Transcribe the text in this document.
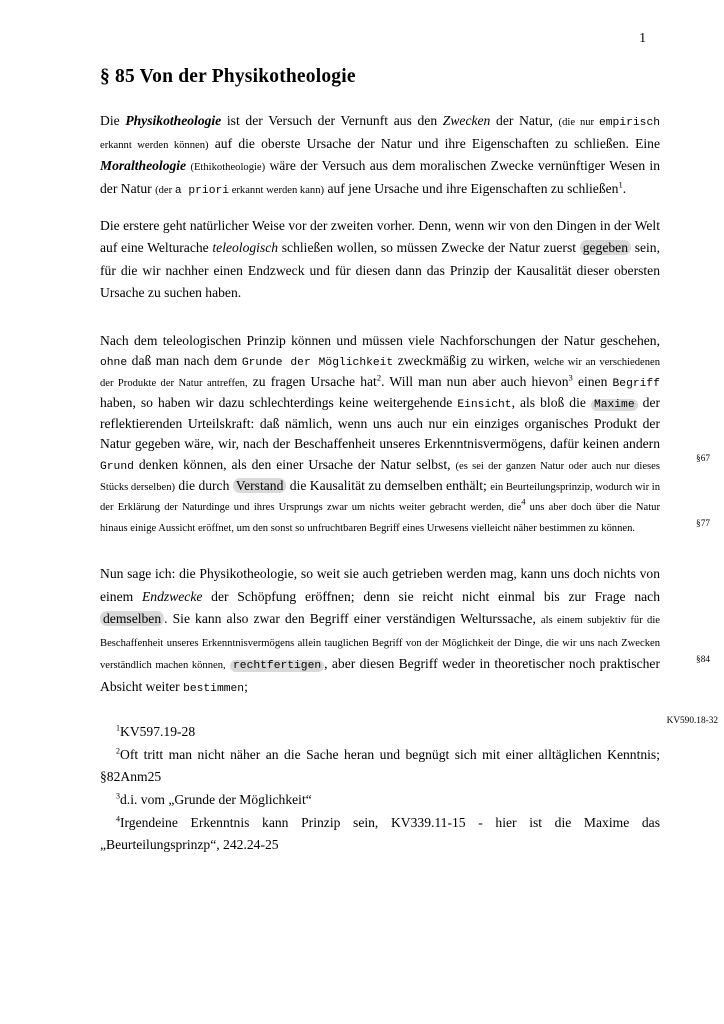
1
§ 85 Von der Physikotheologie

Die Physikotheologie ist der Versuch der Vernunft aus den Zwecken der Natur, (die nur empirisch erkannt werden können) auf die oberste Ursache der Natur und ihre Eigenschaften zu schließen. Eine Moraltheologie (Ethikotheologie) wäre der Versuch aus dem moralischen Zwecke vernünftiger Wesen in der Natur (der a priori erkannt werden kann) auf jene Ursache und ihre Eigenschaften zu schließen$^1$.

Die erstere geht natürlicher Weise vor der zweiten vorher. Denn, wenn wir von den Dingen in der Welt auf eine Welturache teleologisch schließen wollen, so müssen Zwecke der Natur zuerst gegeben sein, für die wir nachher einen Endzweck und für diesen dann das Prinzip der Kausalität dieser obersten Ursache zu suchen haben.

Nach dem teleologischen Prinzip können und müssen viele Nachforschungen der Natur geschehen, ohne daß man nach dem Grunde der Möglichkeit zweckmäßig zu wirken, welche wir an verschiedenen der Produkte der Natur antreffen, zu fragen Ursache hat$^2$. Will man nun aber auch hievon$^3$ einen Begriff haben, so haben wir dazu schlechterdings keine weitergehende Einsicht, als bloß die Maxime der reflektierenden Urteilskraft: daß nämlich, wenn uns auch nur ein einziges organisches Produkt der Natur gegeben wäre, wir, nach der Beschaffenheit unseres Erkenntnisvermögens, dafür keinen andern Grund denken können, als den einer Ursache der Natur selbst, (es sei der ganzen Natur oder auch nur dieses Stücks derselben) die durch Verstand die Kausalität zu demselben enthält; ein Beurteilungsprinzip, wodurch wir in der Erklärung der Naturdinge und ihres Ursprungs zwar um nichts weiter gebracht werden, die$^4$ uns aber doch über die Natur hinaus einige Aussicht eröffnet, um den sonst so unfruchtbaren Begriff eines Urwesens vielleicht näher bestimmen zu können.

Nun sage ich: die Physikotheologie, so weit sie auch getrieben werden mag, kann uns doch nichts von einem Endzwecke der Schöpfung eröffnen; denn sie reicht nicht einmal bis zur Frage nach demselben . Sie kann also zwar den Begriff einer verständigen Welturssache, als einem subjektiv für die Beschaffenheit unseres Erkenntnisvermögens allein tauglichen Begriff von der Möglichkeit der Dinge, die wir uns nach Zwecken verständlich machen können, rechtfertigen , aber diesen Begriff weder in theoretischer noch praktischer Absicht weiter bestimmen;

§67
§77
§84
KV590.18-32

$^1$KV597.19-28

$^2$Oft tritt man nicht näher an die Sache heran und begnügt sich mit einer alltäglichen Kenntnis; §82Anm25

$^3$d.i. vom „Grunde der Möglichkeit“

$^4$Irgendeine Erkenntnis kann Prinzip sein, KV339.11-15 - hier ist die Maxime das „Beurteilungsprinzp“, 242.24-25
